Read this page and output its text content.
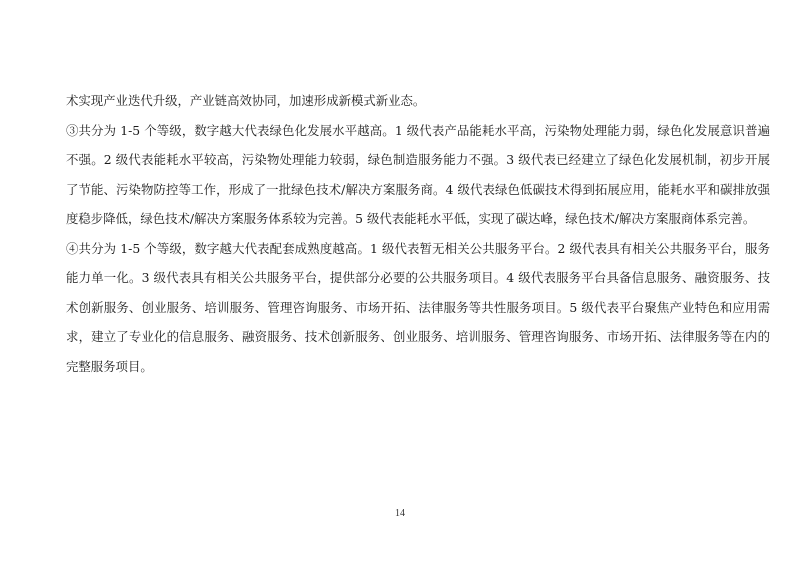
术实现产业迭代升级，产业链高效协同，加速形成新模式新业态。

③共分为 1-5 个等级，数字越大代表绿色化发展水平越高。1 级代表产品能耗水平高，污染物处理能力弱，绿色化发展意识普遍不强。2 级代表能耗水平较高，污染物处理能力较弱，绿色制造服务能力不强。3 级代表已经建立了绿色化发展机制，初步开展了节能、污染物防控等工作，形成了一批绿色技术/解决方案服务商。4 级代表绿色低碳技术得到拓展应用，能耗水平和碳排放强度稳步降低，绿色技术/解决方案服务体系较为完善。5 级代表能耗水平低，实现了碳达峰，绿色技术/解决方案服商体系完善。

④共分为 1-5 个等级，数字越大代表配套成熟度越高。1 级代表暂无相关公共服务平台。2 级代表具有相关公共服务平台，服务能力单一化。3 级代表具有相关公共服务平台，提供部分必要的公共服务项目。4 级代表服务平台具备信息服务、融资服务、技术创新服务、创业服务、培训服务、管理咨询服务、市场开拓、法律服务等共性服务项目。5 级代表平台聚焦产业特色和应用需求，建立了专业化的信息服务、融资服务、技术创新服务、创业服务、培训服务、管理咨询服务、市场开拓、法律服务等在内的完整服务项目。

14
